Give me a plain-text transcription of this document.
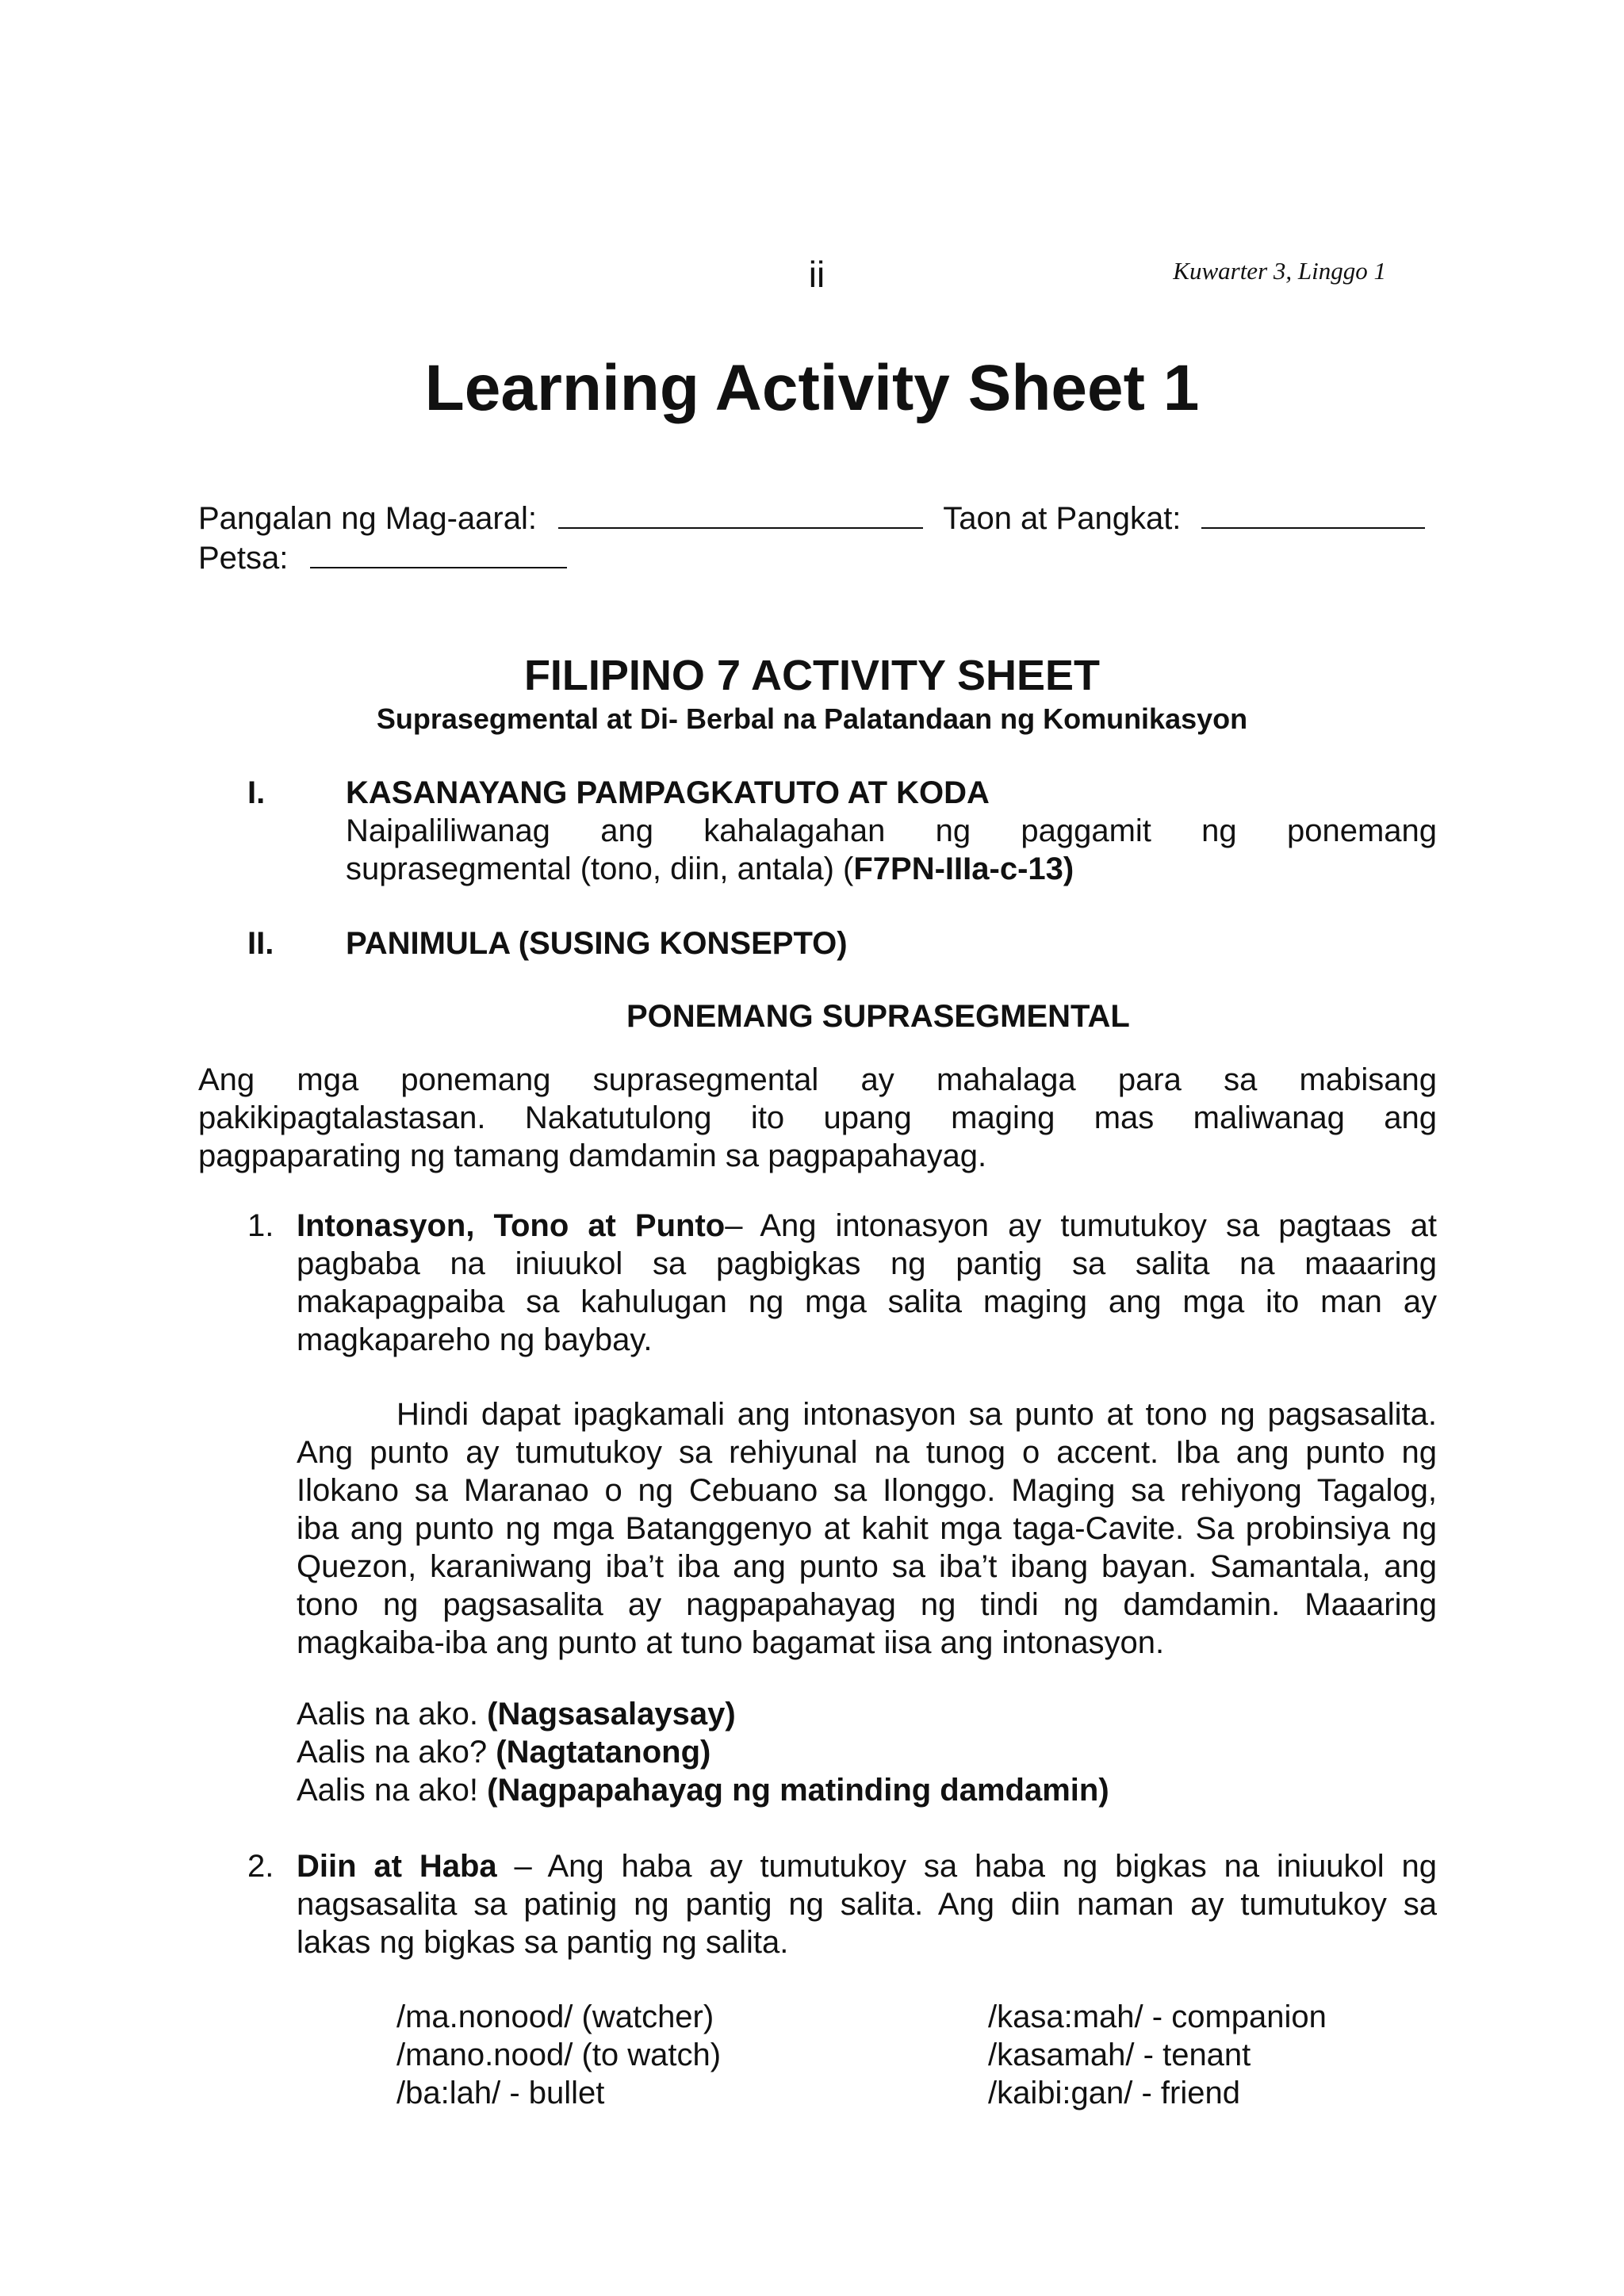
ii	Kuwarter 3, Linggo 1
Learning Activity Sheet 1
Pangalan ng Mag-aaral:	Taon at Pangkat:
Petsa:
FILIPINO 7 ACTIVITY SHEET
Suprasegmental at Di- Berbal na Palatandaan ng Komunikasyon
I.	KASANAYANG PAMPAGKATUTO AT KODA
Naipaliliwanag ang kahalagahan ng paggamit ng ponemang
suprasegmental (tono, diin, antala) (F7PN-IIIa-c-13)
II.	PANIMULA (SUSING KONSEPTO)
PONEMANG SUPRASEGMENTAL
Ang mga ponemang suprasegmental ay mahalaga para sa mabisang
pakikipagtalastasan. Nakatutulong ito upang maging mas maliwanag ang
pagpaparating ng tamang damdamin sa pagpapahayag.
1. Intonasyon, Tono at Punto– Ang intonasyon ay tumutukoy sa pagtaas at
pagbaba na iniuukol sa pagbigkas ng pantig sa salita na maaaring
makapagpaiba sa kahulugan ng mga salita maging ang mga ito man ay
magkapareho ng baybay.
Hindi dapat ipagkamali ang intonasyon sa punto at tono ng pagsasalita.
Ang punto ay tumutukoy sa rehiyunal na tunog o accent. Iba ang punto ng
Ilokano sa Maranao o ng Cebuano sa Ilonggo. Maging sa rehiyong Tagalog,
iba ang punto ng mga Batanggenyo at kahit mga taga-Cavite. Sa probinsiya ng
Quezon, karaniwang iba’t iba ang punto sa iba’t ibang bayan. Samantala, ang
tono ng pagsasalita ay nagpapahayag ng tindi ng damdamin. Maaaring
magkaiba-iba ang punto at tuno bagamat iisa ang intonasyon.
Aalis na ako. (Nagsasalaysay)
Aalis na ako? (Nagtatanong)
Aalis na ako! (Nagpapahayag ng matinding damdamin)
2. Diin at Haba – Ang haba ay tumutukoy sa haba ng bigkas na iniuukol ng
nagsasalita sa patinig ng pantig ng salita. Ang diin naman ay tumutukoy sa
lakas ng bigkas sa pantig ng salita.
/ma.nonood/ (watcher)	/kasa:mah/ - companion
/mano.nood/ (to watch)	/kasamah/ - tenant
/ba:lah/ - bullet	/kaibi:gan/ - friend
